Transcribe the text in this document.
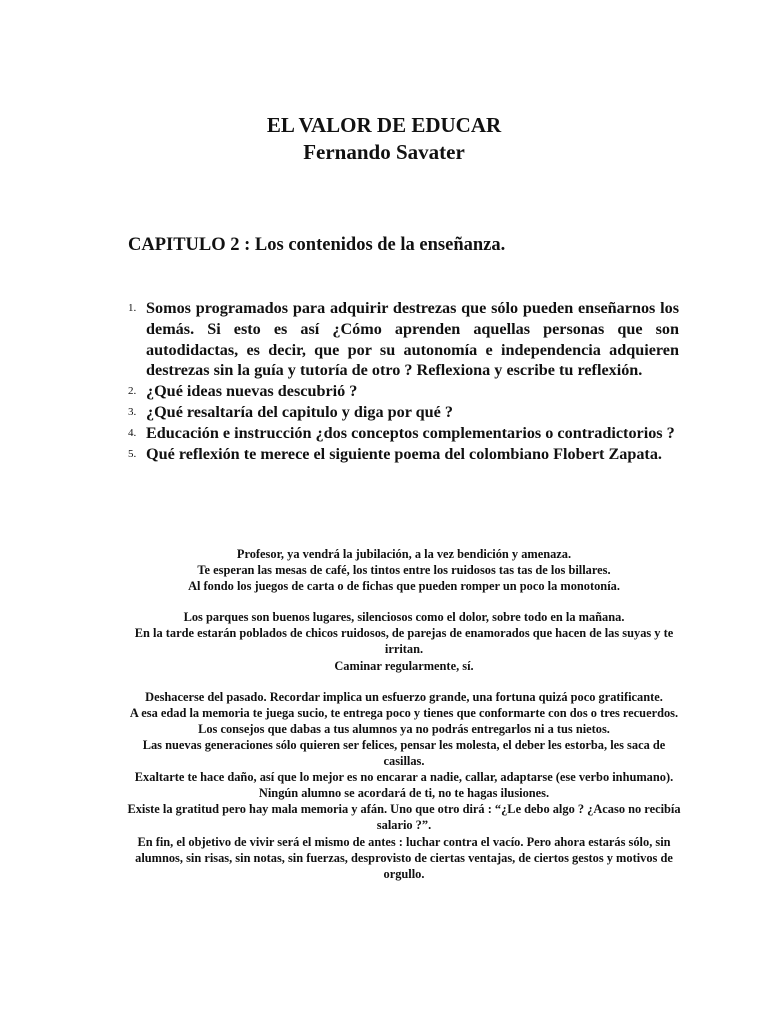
EL VALOR DE EDUCAR
Fernando Savater
CAPITULO 2 : Los contenidos de la enseñanza.
1. Somos programados para adquirir destrezas que sólo pueden enseñarnos los demás. Si esto es así ¿Cómo aprenden aquellas personas que son autodidactas, es decir, que por su autonomía e independencia adquieren destrezas sin la guía y tutoría de otro ? Reflexiona y escribe tu reflexión.
2. ¿Qué ideas nuevas descubrió ?
3. ¿Qué resaltaría del capitulo y diga por qué ?
4. Educación e instrucción ¿dos conceptos complementarios o contradictorios ?
5. Qué reflexión te merece el siguiente poema del colombiano Flobert Zapata.

Profesor, ya vendrá la jubilación, a la vez bendición y amenaza.

Te esperan las mesas de café, los tintos entre los ruidosos tas tas de los billares.

Al fondo los juegos de carta o de fichas que pueden romper un poco la monotonía.

Los parques son buenos lugares, silenciosos como el dolor, sobre todo en la mañana.

En la tarde estarán poblados de chicos ruidosos, de parejas de enamorados que hacen de las suyas y te irritan.

Caminar regularmente, sí.

Deshacerse del pasado. Recordar implica un esfuerzo grande, una fortuna quizá poco gratificante.

A esa edad la memoria te juega sucio, te entrega poco y tienes que conformarte con dos o tres recuerdos. Los consejos que dabas a tus alumnos ya no podrás entregarlos ni a tus nietos.

Las nuevas generaciones sólo quieren ser felices, pensar les molesta, el deber les estorba, les saca de casillas.

Exaltarte te hace daño, así que lo mejor es no encarar a nadie, callar, adaptarse (ese verbo inhumano). Ningún alumno se acordará de ti, no te hagas ilusiones.

Existe la gratitud pero hay mala memoria y afán. Uno que otro dirá : “¿Le debo algo ? ¿Acaso no recibía salario ?”.

En fin, el objetivo de vivir será el mismo de antes : luchar contra el vacío. Pero ahora estarás sólo, sin alumnos, sin risas, sin notas, sin fuerzas, desprovisto de ciertas ventajas, de ciertos gestos y motivos de orgullo.
